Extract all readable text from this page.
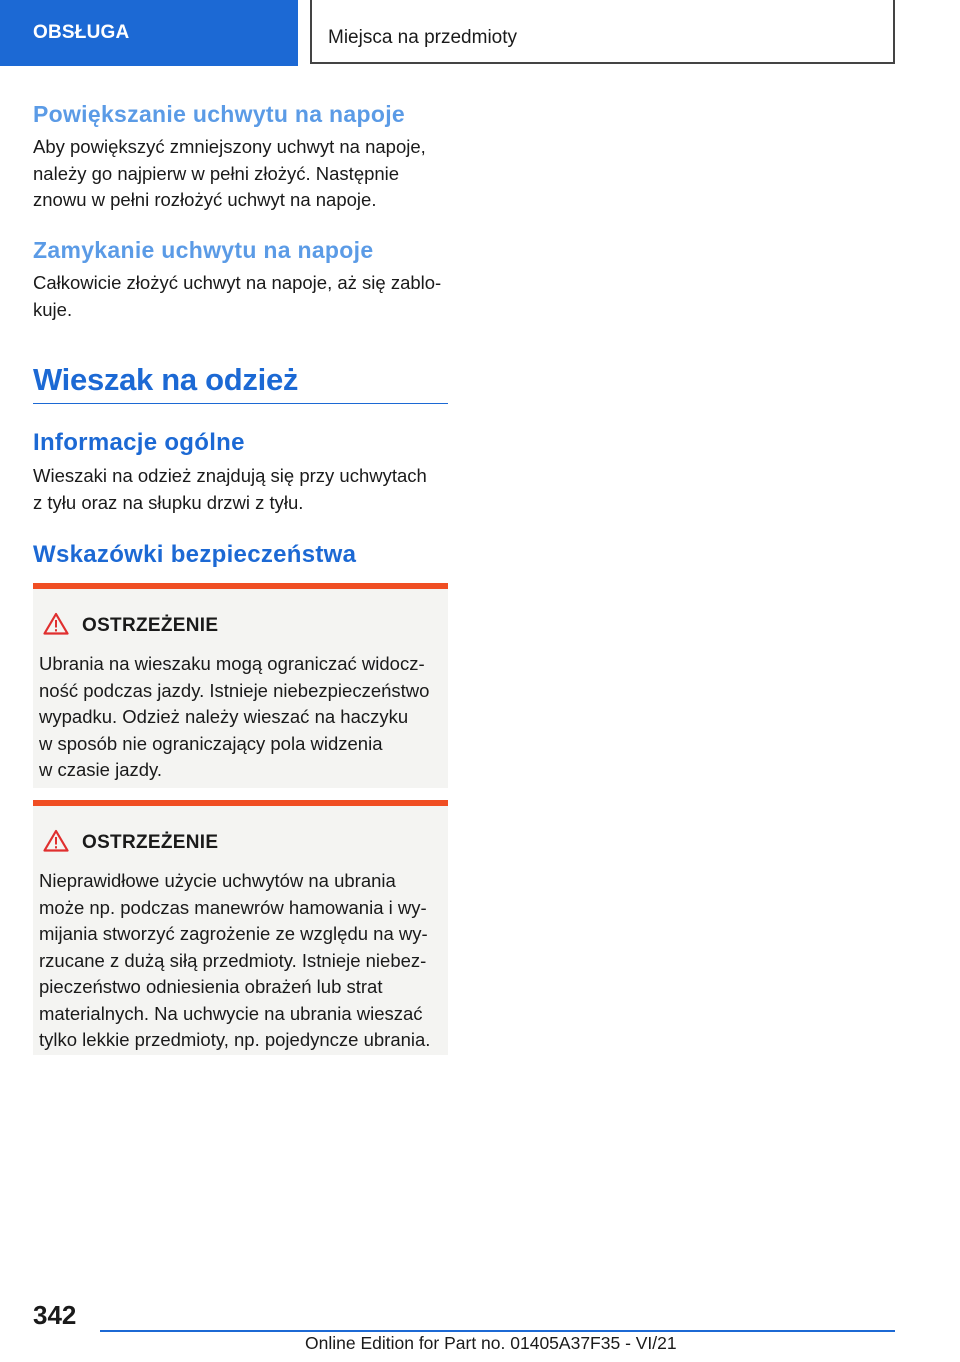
OBSŁUGA	Miejsca na przedmioty
Powiększanie uchwytu na napoje

Aby powiększyć zmniejszony uchwyt na napoje,

należy go najpierw w pełni złożyć. Następnie

znowu w pełni rozłożyć uchwyt na napoje.

Zamykanie uchwytu na napoje

Całkowicie złożyć uchwyt na napoje, aż się zablo-

kuje.

Wieszak na odzież
Informacje ogólne

Wieszaki na odzież znajdują się przy uchwytach

z tyłu oraz na słupku drzwi z tyłu.

Wskazówki bezpieczeństwa
OSTRZEŻENIE

Ubrania na wieszaku mogą ograniczać widocz-

ność podczas jazdy. Istnieje niebezpieczeństwo

wypadku. Odzież należy wieszać na haczyku

w sposób nie ograniczający pola widzenia

w czasie jazdy.

OSTRZEŻENIE

Nieprawidłowe użycie uchwytów na ubrania

może np. podczas manewrów hamowania i wy-

mijania stworzyć zagrożenie ze względu na wy-

rzucane z dużą siłą przedmioty. Istnieje niebez-

pieczeństwo odniesienia obrażeń lub strat

materialnych. Na uchwycie na ubrania wieszać

tylko lekkie przedmioty, np. pojedyncze ubrania.

342
Online Edition for Part no. 01405A37F35 - VI/21
